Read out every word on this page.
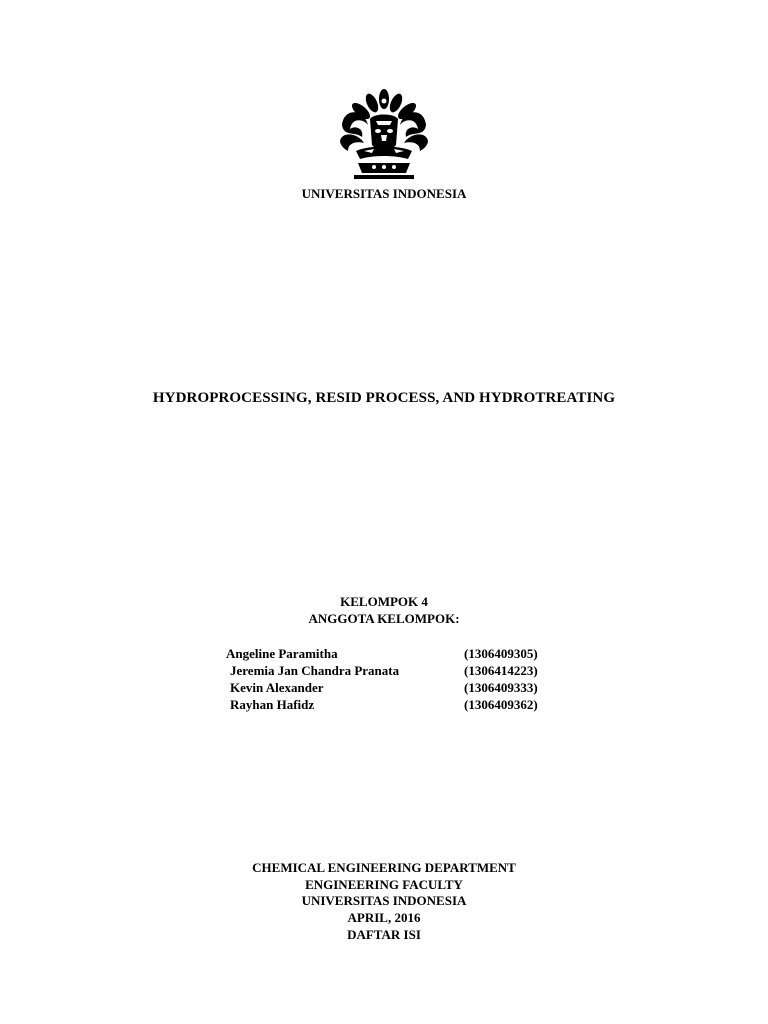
UNIVERSITAS INDONESIA
HYDROPROCESSING, RESID PROCESS, AND HYDROTREATING
KELOMPOK 4
ANGGOTA KELOMPOK:
Angeline Paramitha	(1306409305)
Jeremia Jan Chandra Pranata	(1306414223)
Kevin Alexander	(1306409333)
Rayhan Hafidz	(1306409362)
CHEMICAL ENGINEERING DEPARTMENT
ENGINEERING FACULTY
UNIVERSITAS INDONESIA
APRIL, 2016
DAFTAR ISI
